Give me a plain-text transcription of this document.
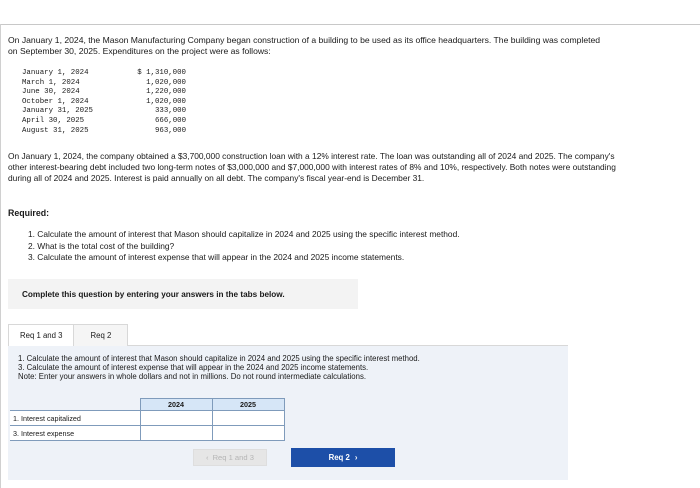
On January 1, 2024, the Mason Manufacturing Company began construction of a building to be used as its office headquarters. The building was completed on September 30, 2025. Expenditures on the project were as follows:
January 1, 2024	$ 1,310,000
March 1, 2024	1,020,000
June 30, 2024	1,220,000
October 1, 2024	1,020,000
January 31, 2025	333,000
April 30, 2025	666,000
August 31, 2025	963,000
On January 1, 2024, the company obtained a $3,700,000 construction loan with a 12% interest rate. The loan was outstanding all of 2024 and 2025. The company's other interest-bearing debt included two long-term notes of $3,000,000 and $7,000,000 with interest rates of 8% and 10%, respectively. Both notes were outstanding during all of 2024 and 2025. Interest is paid annually on all debt. The company's fiscal year-end is December 31.
Required:
1. Calculate the amount of interest that Mason should capitalize in 2024 and 2025 using the specific interest method.
2. What is the total cost of the building?
3. Calculate the amount of interest expense that will appear in the 2024 and 2025 income statements.
Complete this question by entering your answers in the tabs below.
Req 1 and 3	Req 2
1. Calculate the amount of interest that Mason should capitalize in 2024 and 2025 using the specific interest method.
3. Calculate the amount of interest expense that will appear in the 2024 and 2025 income statements.
Note: Enter your answers in whole dollars and not in millions. Do not round intermediate calculations.
	2024	2025
1. Interest capitalized		
3. Interest expense		
‹ Req 1 and 3	Req 2 ›
